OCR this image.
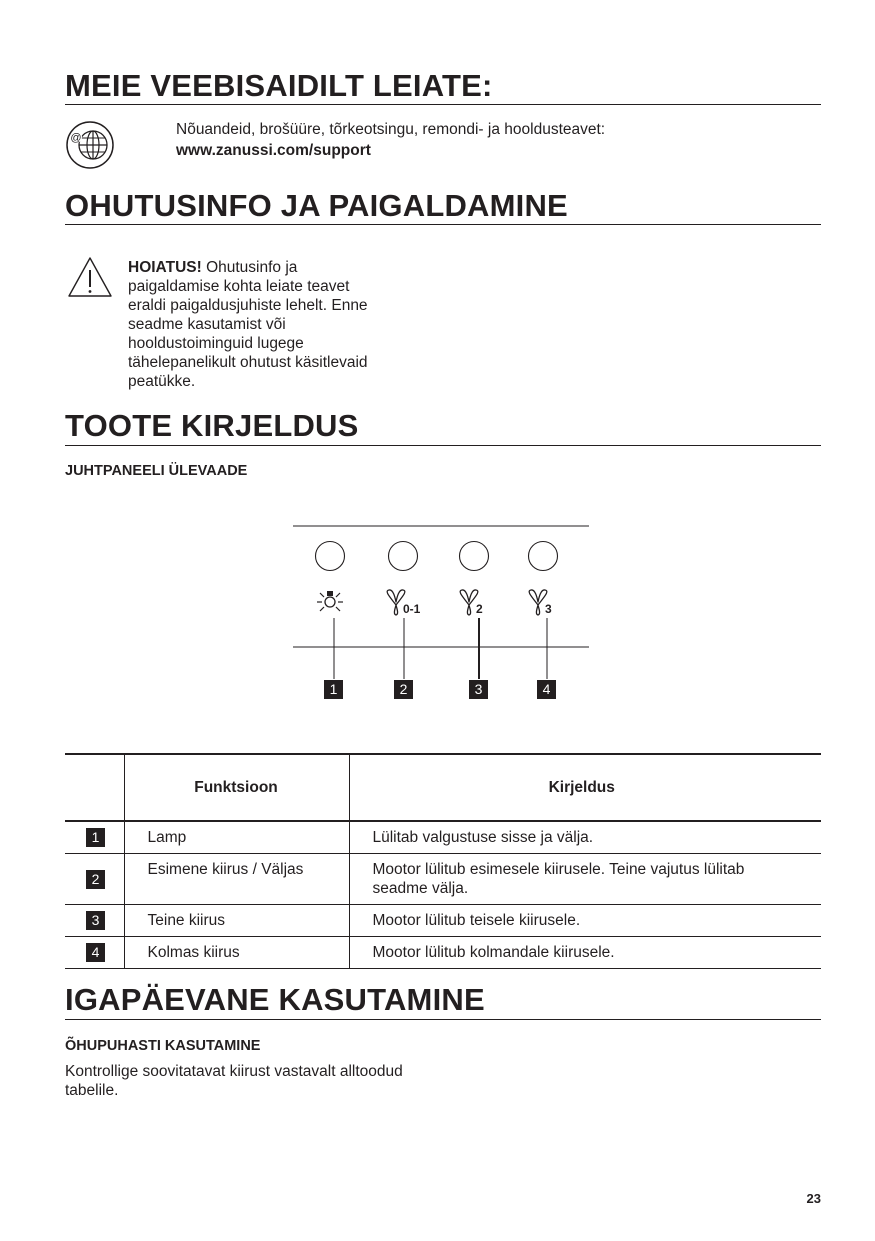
MEIE VEEBISAIDILT LEIATE:
@	Nõuandeid, brošüüre, tõrkeotsingu, remondi- ja hooldusteavet:
www.zanussi.com/support
OHUTUSINFO JA PAIGALDAMINE
HOIATUS! Ohutusinfo ja
paigaldamise kohta leiate teavet
eraldi paigaldusjuhiste lehelt. Enne
seadme kasutamist või
hooldustoiminguid lugege
tähelepanelikult ohutust käsitlevaid
peatükke.
TOOTE KIRJELDUS
JUHTPANEELI ÜLEVAADE
0-1	2	3
1	2	3	4
	Funktsioon	Kirjeldus
1	Lamp	Lülitab valgustuse sisse ja välja.
2	Esimene kiirus / Väljas	Mootor lülitub esimesele kiirusele. Teine vajutus lülitab seadme välja.
3	Teine kiirus	Mootor lülitub teisele kiirusele.
4	Kolmas kiirus	Mootor lülitub kolmandale kiirusele.
IGAPÄEVANE KASUTAMINE
ÕHUPUHASTI KASUTAMINE
Kontrollige soovitatavat kiirust vastavalt alltoodud
tabelile.
23
